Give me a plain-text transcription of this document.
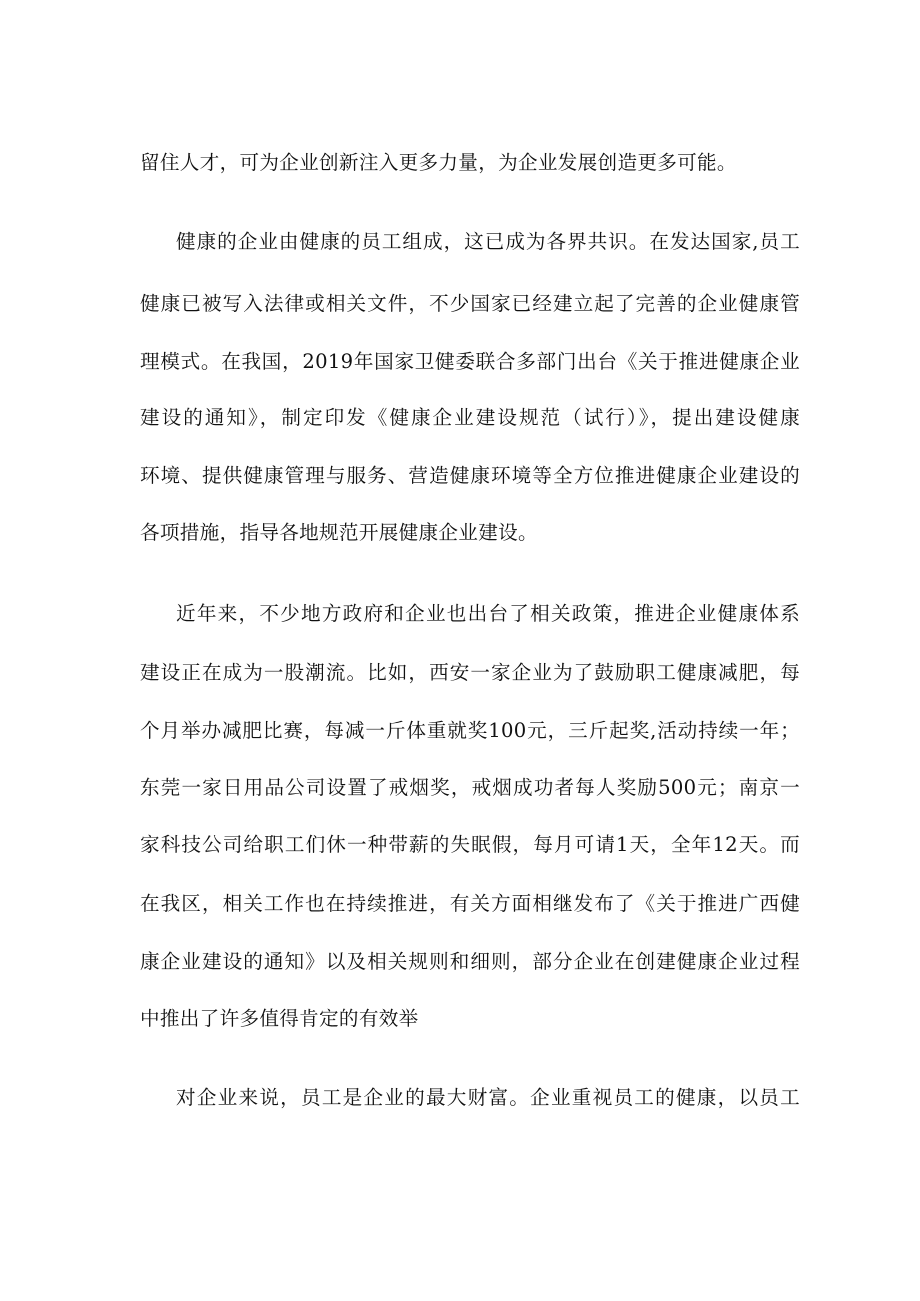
留住人才，可为企业创新注入更多力量，为企业发展创造更多可能。
健康的企业由健康的员工组成，这已成为各界共识。在发达国家,员工
健康已被写入法律或相关文件，不少国家已经建立起了完善的企业健康管
理模式。在我国，2019年国家卫健委联合多部门出台《关于推进健康企业
建设的通知》，制定印发《健康企业建设规范（试行）》，提出建设健康
环境、提供健康管理与服务、营造健康环境等全方位推进健康企业建设的
各项措施，指导各地规范开展健康企业建设。
近年来，不少地方政府和企业也出台了相关政策，推进企业健康体系
建设正在成为一股潮流。比如，西安一家企业为了鼓励职工健康减肥，每
个月举办减肥比赛，每减一斤体重就奖100元，三斤起奖,活动持续一年；
东莞一家日用品公司设置了戒烟奖，戒烟成功者每人奖励500元；南京一
家科技公司给职工们休一种带薪的失眠假，每月可请1天，全年12天。而
在我区，相关工作也在持续推进，有关方面相继发布了《关于推进广西健
康企业建设的通知》以及相关规则和细则，部分企业在创建健康企业过程
中推出了许多值得肯定的有效举
对企业来说，员工是企业的最大财富。企业重视员工的健康，以员工
